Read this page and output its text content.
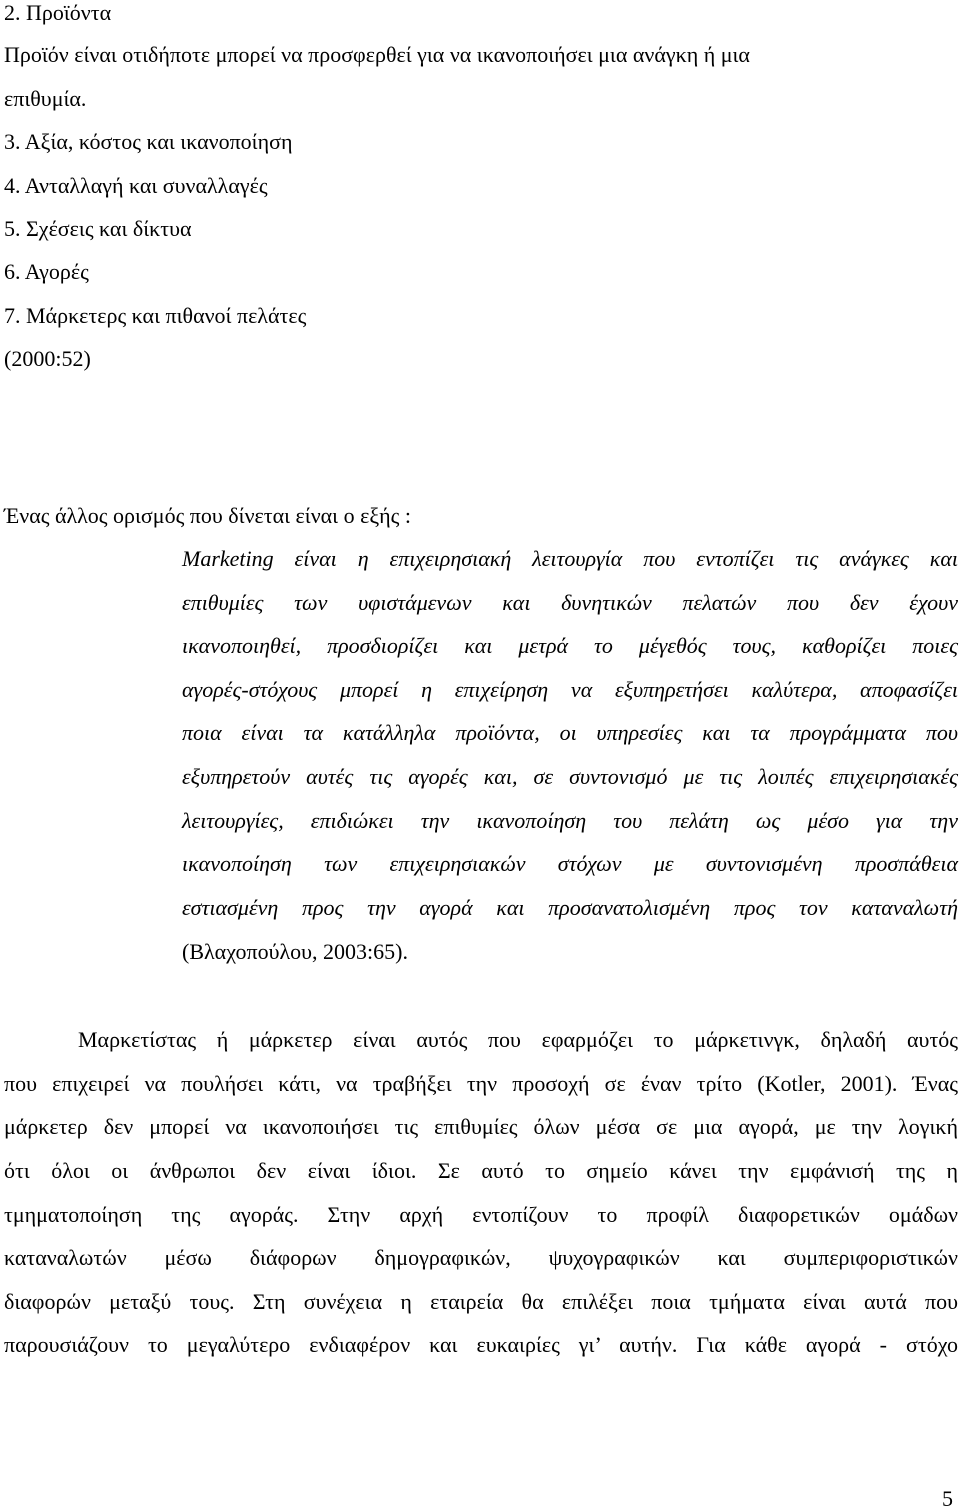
2. Προϊόντα
Προϊόν είναι οτιδήποτε μπορεί να προσφερθεί για να ικανοποιήσει μια ανάγκη ή μια
επιθυμία.
3. Αξία, κόστος και ικανοποίηση
4. Ανταλλαγή και συναλλαγές
5. Σχέσεις και δίκτυα
6. Αγορές
7. Μάρκετερς και πιθανοί πελάτες
(2000:52)
Ένας άλλος ορισμός που δίνεται είναι ο εξής :
Marketing είναι η επιχειρησιακή λειτουργία που εντοπίζει τις ανάγκες και
επιθυμίες των υφιστάμενων και δυνητικών πελατών που δεν έχουν
ικανοποιηθεί, προσδιορίζει και μετρά το μέγεθός τους, καθορίζει ποιες
αγορές-στόχους μπορεί η επιχείρηση να εξυπηρετήσει καλύτερα, αποφασίζει
ποια είναι τα κατάλληλα προϊόντα, οι υπηρεσίες και τα προγράμματα που
εξυπηρετούν αυτές τις αγορές και, σε συντονισμό με τις λοιπές επιχειρησιακές
λειτουργίες, επιδιώκει την ικανοποίηση του πελάτη ως μέσο για την
ικανοποίηση των επιχειρησιακών στόχων με συντονισμένη προσπάθεια
εστιασμένη προς την αγορά και προσανατολισμένη προς τον καταναλωτή
(Βλαχοπούλου, 2003:65).
Μαρκετίστας ή μάρκετερ είναι αυτός που εφαρμόζει το μάρκετινγκ, δηλαδή αυτός
που επιχειρεί να πουλήσει κάτι, να τραβήξει την προσοχή σε έναν τρίτο (Kotler, 2001). Ένας
μάρκετερ δεν μπορεί να ικανοποιήσει τις επιθυμίες όλων μέσα σε μια αγορά, με την λογική
ότι όλοι οι άνθρωποι δεν είναι ίδιοι. Σε αυτό το σημείο κάνει την εμφάνισή της η
τμηματοποίηση της αγοράς. Στην αρχή εντοπίζουν το προφίλ διαφορετικών ομάδων
καταναλωτών μέσω διάφορων δημογραφικών, ψυχογραφικών και συμπεριφοριστικών
διαφορών μεταξύ τους. Στη συνέχεια η εταιρεία θα επιλέξει ποια τμήματα είναι αυτά που
παρουσιάζουν το μεγαλύτερο ενδιαφέρον και ευκαιρίες γι’ αυτήν. Για κάθε αγορά - στόχο
5
